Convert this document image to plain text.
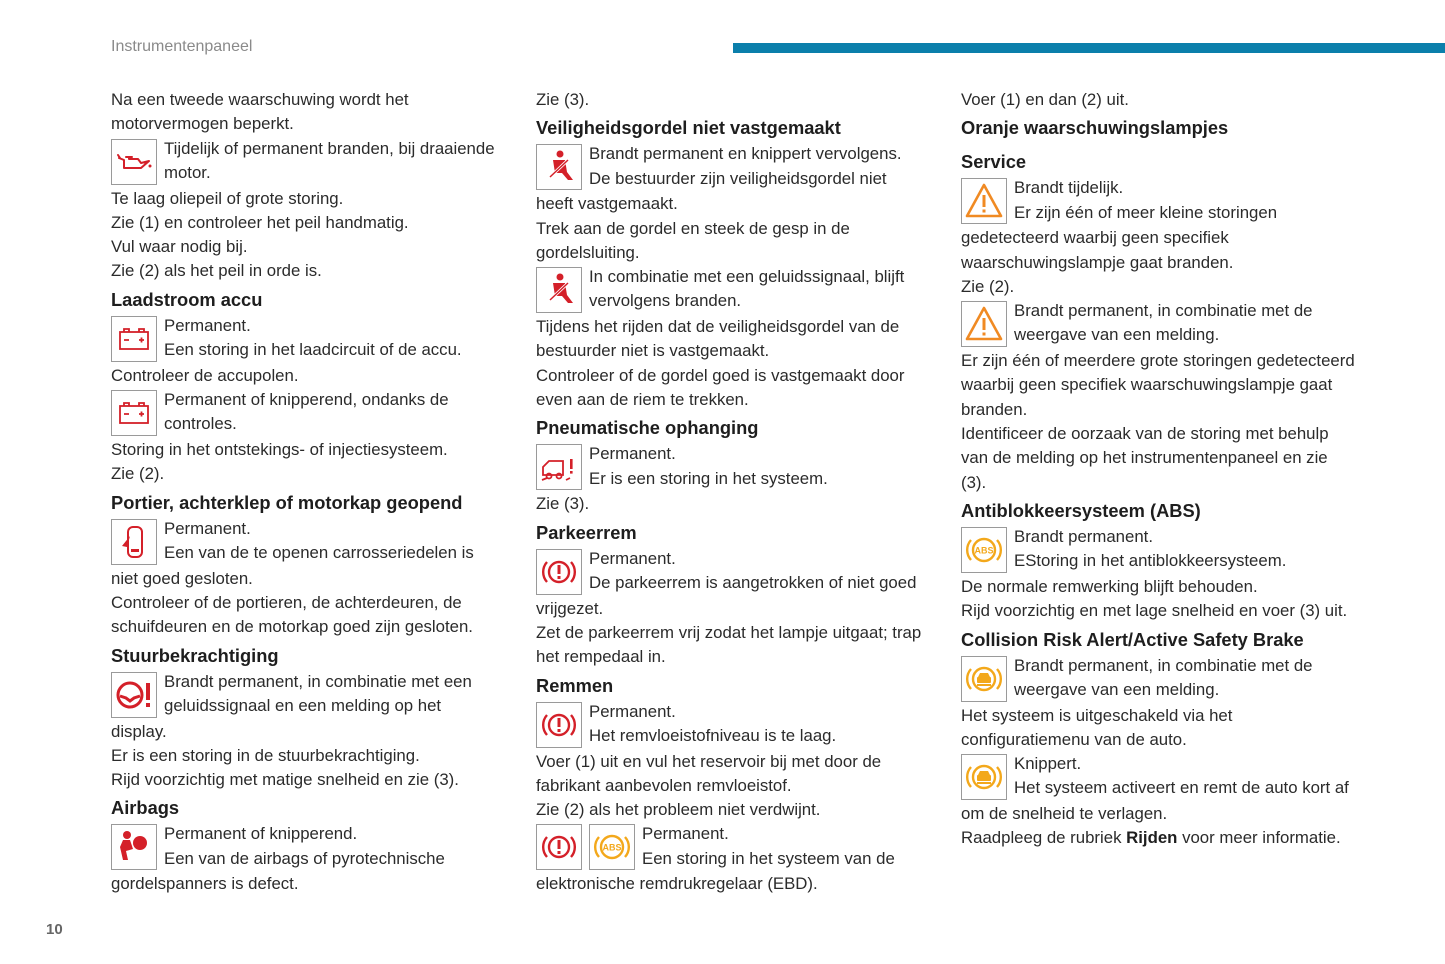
Instrumentenpaneel

Na een tweede waarschuwing wordt het

motorvermogen beperkt.

Tijdelijk of permanent branden, bij draaiende

motor.

Te laag oliepeil of grote storing.

Zie (1) en controleer het peil handmatig.

Vul waar nodig bij.

Zie (2) als het peil in orde is.

Laadstroom accu

Permanent.

Een storing in het laadcircuit of de accu.

Controleer de accupolen.

Permanent of knipperend, ondanks de

controles.

Storing in het ontstekings- of injectiesysteem.

Zie (2).

Portier, achterklep of motorkap geopend

Permanent.

Een van de te openen carrosseriedelen is

niet goed gesloten.

Controleer of de portieren, de achterdeuren, de

schuifdeuren en de motorkap goed zijn gesloten.

Stuurbekrachtiging

Brandt permanent, in combinatie met een

geluidssignaal en een melding op het

display.

Er is een storing in de stuurbekrachtiging.

Rijd voorzichtig met matige snelheid en zie (3).

Airbags

Permanent of knipperend.

Een van de airbags of pyrotechnische

gordelspanners is defect.

Zie (3).

Veiligheidsgordel niet vastgemaakt

Brandt permanent en knippert vervolgens.

De bestuurder zijn veiligheidsgordel niet

heeft vastgemaakt.

Trek aan de gordel en steek de gesp in de

gordelsluiting.

In combinatie met een geluidssignaal, blijft

vervolgens branden.

Tijdens het rijden dat de veiligheidsgordel van de

bestuurder niet is vastgemaakt.

Controleer of de gordel goed is vastgemaakt door

even aan de riem te trekken.

Pneumatische ophanging

Permanent.

Er is een storing in het systeem.

Zie (3).

Parkeerrem

Permanent.

De parkeerrem is aangetrokken of niet goed

vrijgezet.

Zet de parkeerrem vrij zodat het lampje uitgaat; trap

het rempedaal in.

Remmen

Permanent.

Het remvloeistofniveau is te laag.

Voer (1) uit en vul het reservoir bij met door de

fabrikant aanbevolen remvloeistof.

Zie (2) als het probleem niet verdwijnt.

ABS

Permanent.

Een storing in het systeem van de

elektronische remdrukregelaar (EBD).

Voer (1) en dan (2) uit.

Oranje waarschuwingslampjes
Service

Brandt tijdelijk.

Er zijn één of meer kleine storingen

gedetecteerd waarbij geen specifiek

waarschuwingslampje gaat branden.

Zie (2).

Brandt permanent, in combinatie met de

weergave van een melding.

Er zijn één of meerdere grote storingen gedetecteerd

waarbij geen specifiek waarschuwingslampje gaat

branden.

Identificeer de oorzaak van de storing met behulp

van de melding op het instrumentenpaneel en zie

(3).

Antiblokkeersysteem (ABS)
ABS

Brandt permanent.

EStoring in het antiblokkeersysteem.

De normale remwerking blijft behouden.

Rijd voorzichtig en met lage snelheid en voer (3) uit.

Collision Risk Alert/Active Safety Brake

Brandt permanent, in combinatie met de

weergave van een melding.

Het systeem is uitgeschakeld via het

configuratiemenu van de auto.

Knippert.

Het systeem activeert en remt de auto kort af

om de snelheid te verlagen.

Raadpleeg de rubriek Rijden voor meer informatie.

10
